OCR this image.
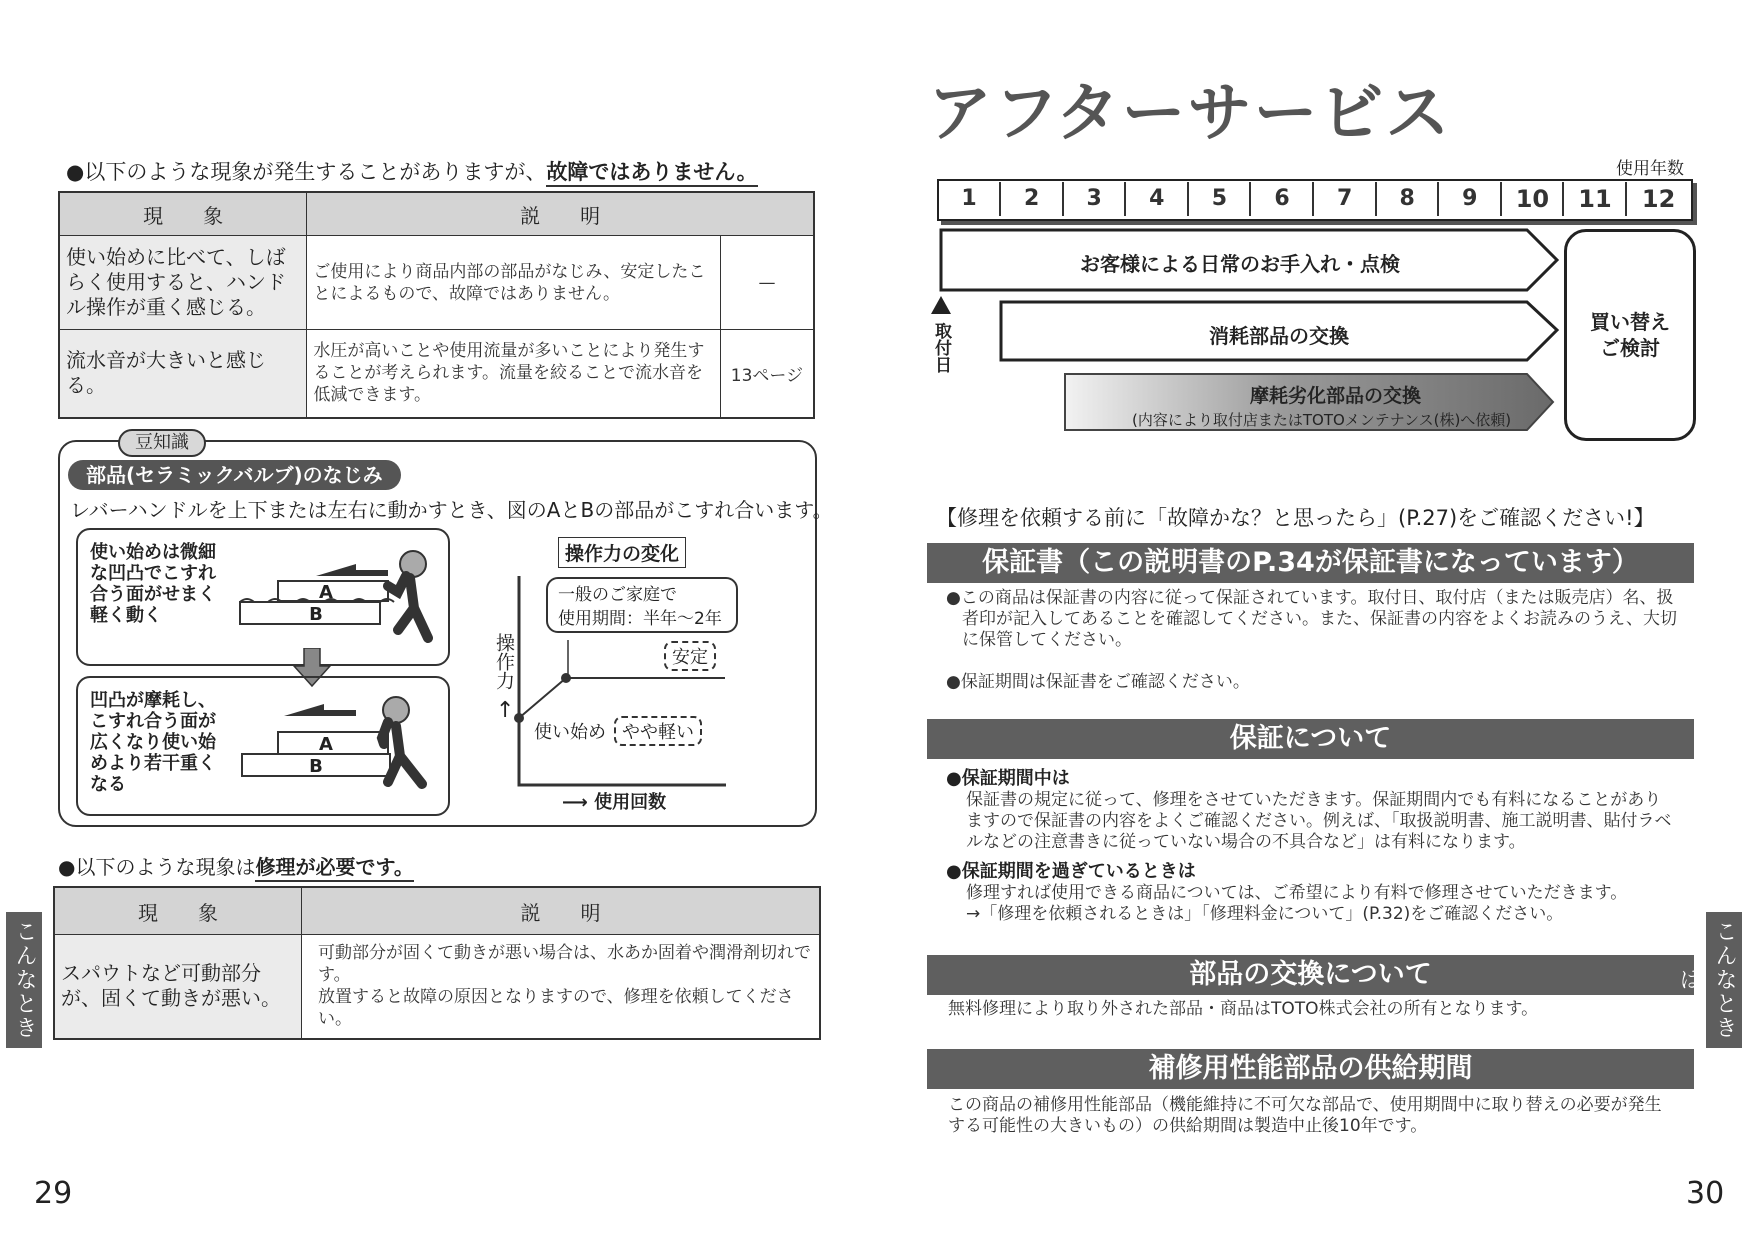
●以下のような現象が発生することがありますが、故障ではありません。
現　　象	説　　明	
使い始めに比べて、しばらく使用すると、ハンドル操作が重く感じる。	ご使用により商品内部の部品がなじみ、安定したことによるもので、故障ではありません。	—
流水音が大きいと感じる。	水圧が高いことや使用流量が多いことにより発生することが考えられます。流量を絞ることで流水音を低減できます。	13ページ
豆知識
部品(セラミックバルブ)のなじみ
レバーハンドルを上下または左右に動かすとき、図のAとBの部品がこすれ合います。
使い始めは微細な凹凸でこすれ合う面がせまく軽く動く
A
B
凹凸が摩耗し、こすれ合う面が広くなり使い始めより若干重くなる
A
B
操作力の変化
操作力
↑
一般のご家庭で
使用期間：半年〜2年
安定
使い始め やや軽い
⟶ 使用回数
●以下のような現象は修理が必要です。
現　　象	説　　明
スパウトなど可動部分が、固くて動きが悪い。	可動部分が固くて動きが悪い場合は、水あか固着や潤滑剤切れです。
放置すると故障の原因となりますので、修理を依頼してください。
こんなとき
29
アフターサービス
使用年数
1	2	3	4	5	6	7	8	9	10	11	12
お客様による日常のお手入れ・点検
消耗部品の交換
摩耗劣化部品の交換
(内容により取付店またはTOTOメンテナンス(株)へ依頼)
取付日	買い替え
ご検討
【修理を依頼する前に「故障かな？と思ったら」(P.27)をご確認ください!】
保証書（この説明書のP.34が保証書になっています）
●この商品は保証書の内容に従って保証されています。取付日、取付店（または販売店）名、扱者印が記入してあることを確認してください。また、保証書の内容をよくお読みのうえ、大切に保管してください。
●保証期間は保証書をご確認ください。
保証について
●保証期間中は
保証書の規定に従って、修理をさせていただきます。保証期間内でも有料になることがありますので保証書の内容をよくご確認ください。例えば、「取扱説明書、施工説明書、貼付ラベルなどの注意書きに従っていない場合の不具合など」は有料になります。
●保証期間を過ぎているときは
修理すれば使用できる商品については、ご希望により有料で修理させていただきます。
→「修理を依頼されるときは」「修理料金について」(P.32)をご確認ください。
部品の交換について
無料修理により取り外された部品・商品はTOTO株式会社の所有となります。
補修用性能部品の供給期間
この商品の補修用性能部品（機能維持に不可欠な部品で、使用期間中に取り替えの必要が発生する可能性の大きいもの）の供給期間は製造中止後10年です。
こんなときは
30
